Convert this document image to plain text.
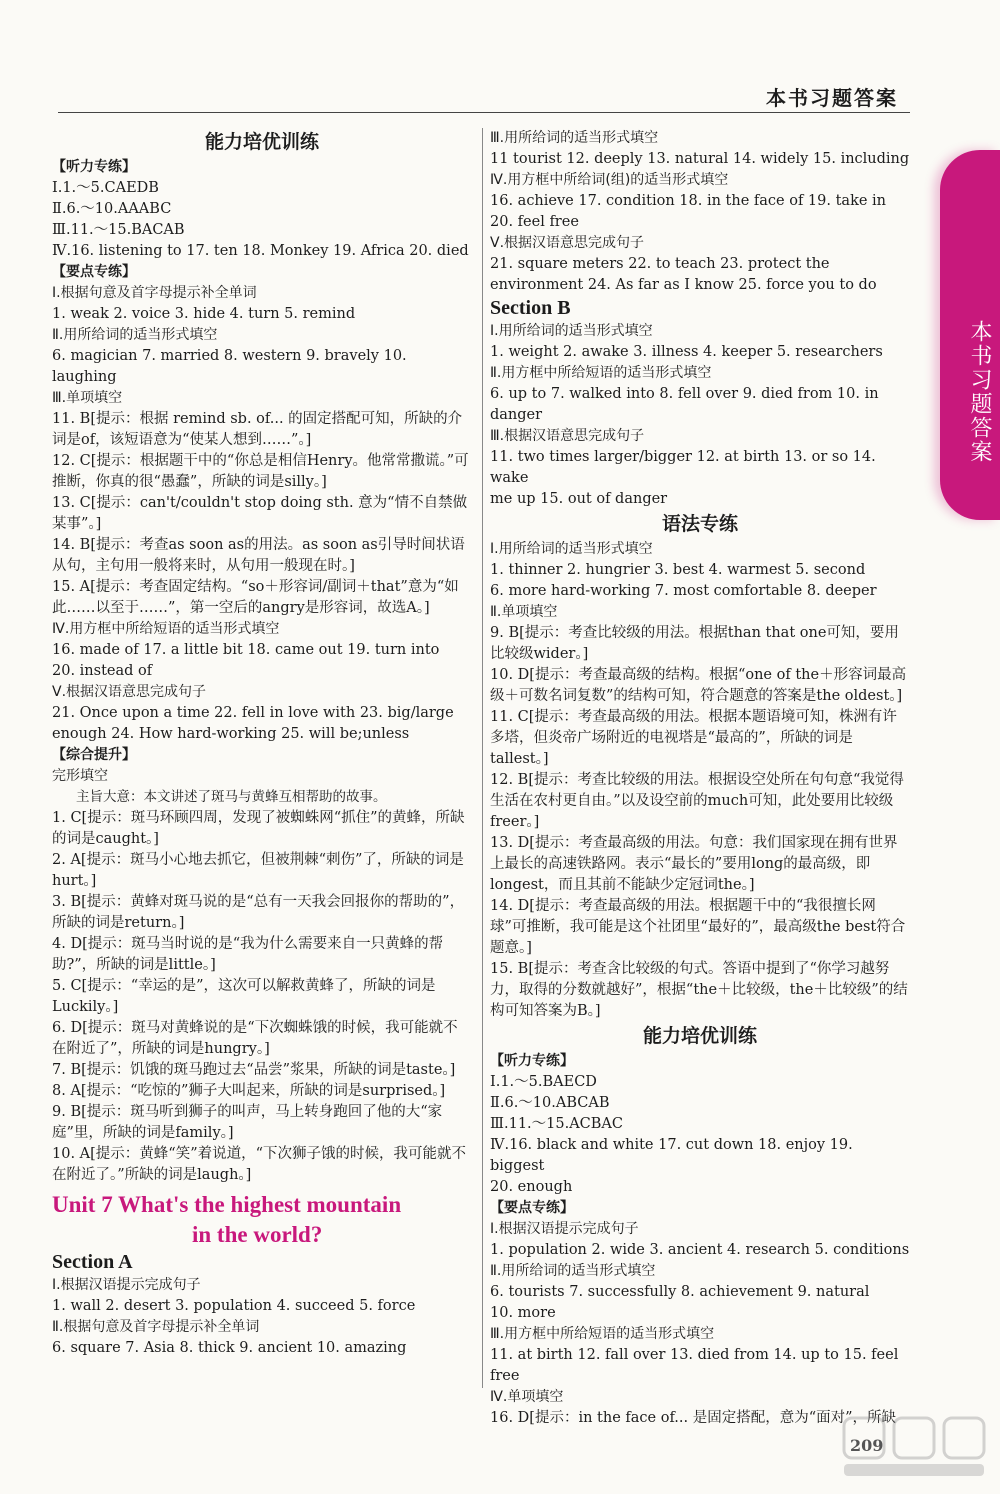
本书习题答案
本书习题答案
能力培优训练
【听力专练】
Ⅰ.1.～5.CAEDB
Ⅱ.6.～10.AAABC
Ⅲ.11.～15.BACAB
Ⅳ.16. listening to 17. ten 18. Monkey 19. Africa 20. died
【要点专练】
Ⅰ.根据句意及首字母提示补全单词
1. weak 2. voice 3. hide 4. turn 5. remind
Ⅱ.用所给词的适当形式填空
6. magician 7. married 8. western 9. bravely 10. laughing
Ⅲ.单项填空
11. B[提示：根据 remind sb. of... 的固定搭配可知，所缺的介词是of，该短语意为“使某人想到……”。]
12. C[提示：根据题干中的“你总是相信Henry。他常常撒谎。”可推断，你真的很“愚蠢”，所缺的词是silly。]
13. C[提示：can't/couldn't stop doing sth. 意为“情不自禁做某事”。]
14. B[提示：考查as soon as的用法。as soon as引导时间状语从句，主句用一般将来时，从句用一般现在时。]
15. A[提示：考查固定结构。“so＋形容词/副词＋that”意为“如此……以至于……”，第一空后的angry是形容词，故选A。]
Ⅳ.用方框中所给短语的适当形式填空
16. made of 17. a little bit 18. came out 19. turn into
20. instead of
Ⅴ.根据汉语意思完成句子
21. Once upon a time 22. fell in love with 23. big/large
enough 24. How hard-working 25. will be;unless
【综合提升】
完形填空
主旨大意：本文讲述了斑马与黄蜂互相帮助的故事。
1. C[提示：斑马环顾四周，发现了被蜘蛛网“抓住”的黄蜂，所缺的词是caught。]
2. A[提示：斑马小心地去抓它，但被荆棘“刺伤”了，所缺的词是hurt。]
3. B[提示：黄蜂对斑马说的是“总有一天我会回报你的帮助的”，所缺的词是return。]
4. D[提示：斑马当时说的是“我为什么需要来自一只黄蜂的帮助?”，所缺的词是little。]
5. C[提示：“幸运的是”，这次可以解救黄蜂了，所缺的词是Luckily。]
6. D[提示：斑马对黄蜂说的是“下次蜘蛛饿的时候，我可能就不在附近了”，所缺的词是hungry。]
7. B[提示：饥饿的斑马跑过去“品尝”浆果，所缺的词是taste。]
8. A[提示：“吃惊的”狮子大叫起来，所缺的词是surprised。]
9. B[提示：斑马听到狮子的叫声，马上转身跑回了他的大“家庭”里，所缺的词是family。]
10. A[提示：黄蜂“笑”着说道，“下次狮子饿的时候，我可能就不在附近了。”所缺的词是laugh。]
Unit 7 What's the highest mountain
in the world?
Section A
Ⅰ.根据汉语提示完成句子
1. wall 2. desert 3. population 4. succeed 5. force
Ⅱ.根据句意及首字母提示补全单词
6. square 7. Asia 8. thick 9. ancient 10. amazing
Ⅲ.用所给词的适当形式填空
11 tourist 12. deeply 13. natural 14. widely 15. including
Ⅳ.用方框中所给词(组)的适当形式填空
16. achieve 17. condition 18. in the face of 19. take in
20. feel free
Ⅴ.根据汉语意思完成句子
21. square meters 22. to teach 23. protect the
environment 24. As far as I know 25. force you to do
Section B
Ⅰ.用所给词的适当形式填空
1. weight 2. awake 3. illness 4. keeper 5. researchers
Ⅱ.用方框中所给短语的适当形式填空
6. up to 7. walked into 8. fell over 9. died from 10. in
danger
Ⅲ.根据汉语意思完成句子
11. two times larger/bigger 12. at birth 13. or so 14. wake
me up 15. out of danger
语法专练
Ⅰ.用所给词的适当形式填空
1. thinner 2. hungrier 3. best 4. warmest 5. second
6. more hard-working 7. most comfortable 8. deeper
Ⅱ.单项填空
9. B[提示：考查比较级的用法。根据than that one可知，要用比较级wider。]
10. D[提示：考查最高级的结构。根据“one of the＋形容词最高级＋可数名词复数”的结构可知，符合题意的答案是the oldest。]
11. C[提示：考查最高级的用法。根据本题语境可知，株洲有许多塔，但炎帝广场附近的电视塔是“最高的”，所缺的词是tallest。]
12. B[提示：考查比较级的用法。根据设空处所在句句意“我觉得生活在农村更自由。”以及设空前的much可知，此处要用比较级freer。]
13. D[提示：考查最高级的用法。句意：我们国家现在拥有世界上最长的高速铁路网。表示“最长的”要用long的最高级，即longest，而且其前不能缺少定冠词the。]
14. D[提示：考查最高级的用法。根据题干中的“我很擅长网球”可推断，我可能是这个社团里“最好的”，最高级the best符合题意。]
15. B[提示：考查含比较级的句式。答语中提到了“你学习越努力，取得的分数就越好”，根据“the＋比较级，the＋比较级”的结构可知答案为B。]
能力培优训练
【听力专练】
Ⅰ.1.～5.BAECD
Ⅱ.6.～10.ABCAB
Ⅲ.11.～15.ACBAC
Ⅳ.16. black and white 17. cut down 18. enjoy 19. biggest
20. enough
【要点专练】
Ⅰ.根据汉语提示完成句子
1. population 2. wide 3. ancient 4. research 5. conditions
Ⅱ.用所给词的适当形式填空
6. tourists 7. successfully 8. achievement 9. natural
10. more
Ⅲ.用方框中所给短语的适当形式填空
11. at birth 12. fall over 13. died from 14. up to 15. feel
free
Ⅳ.单项填空
16. D[提示：in the face of... 是固定搭配，意为“面对”，所缺
209
